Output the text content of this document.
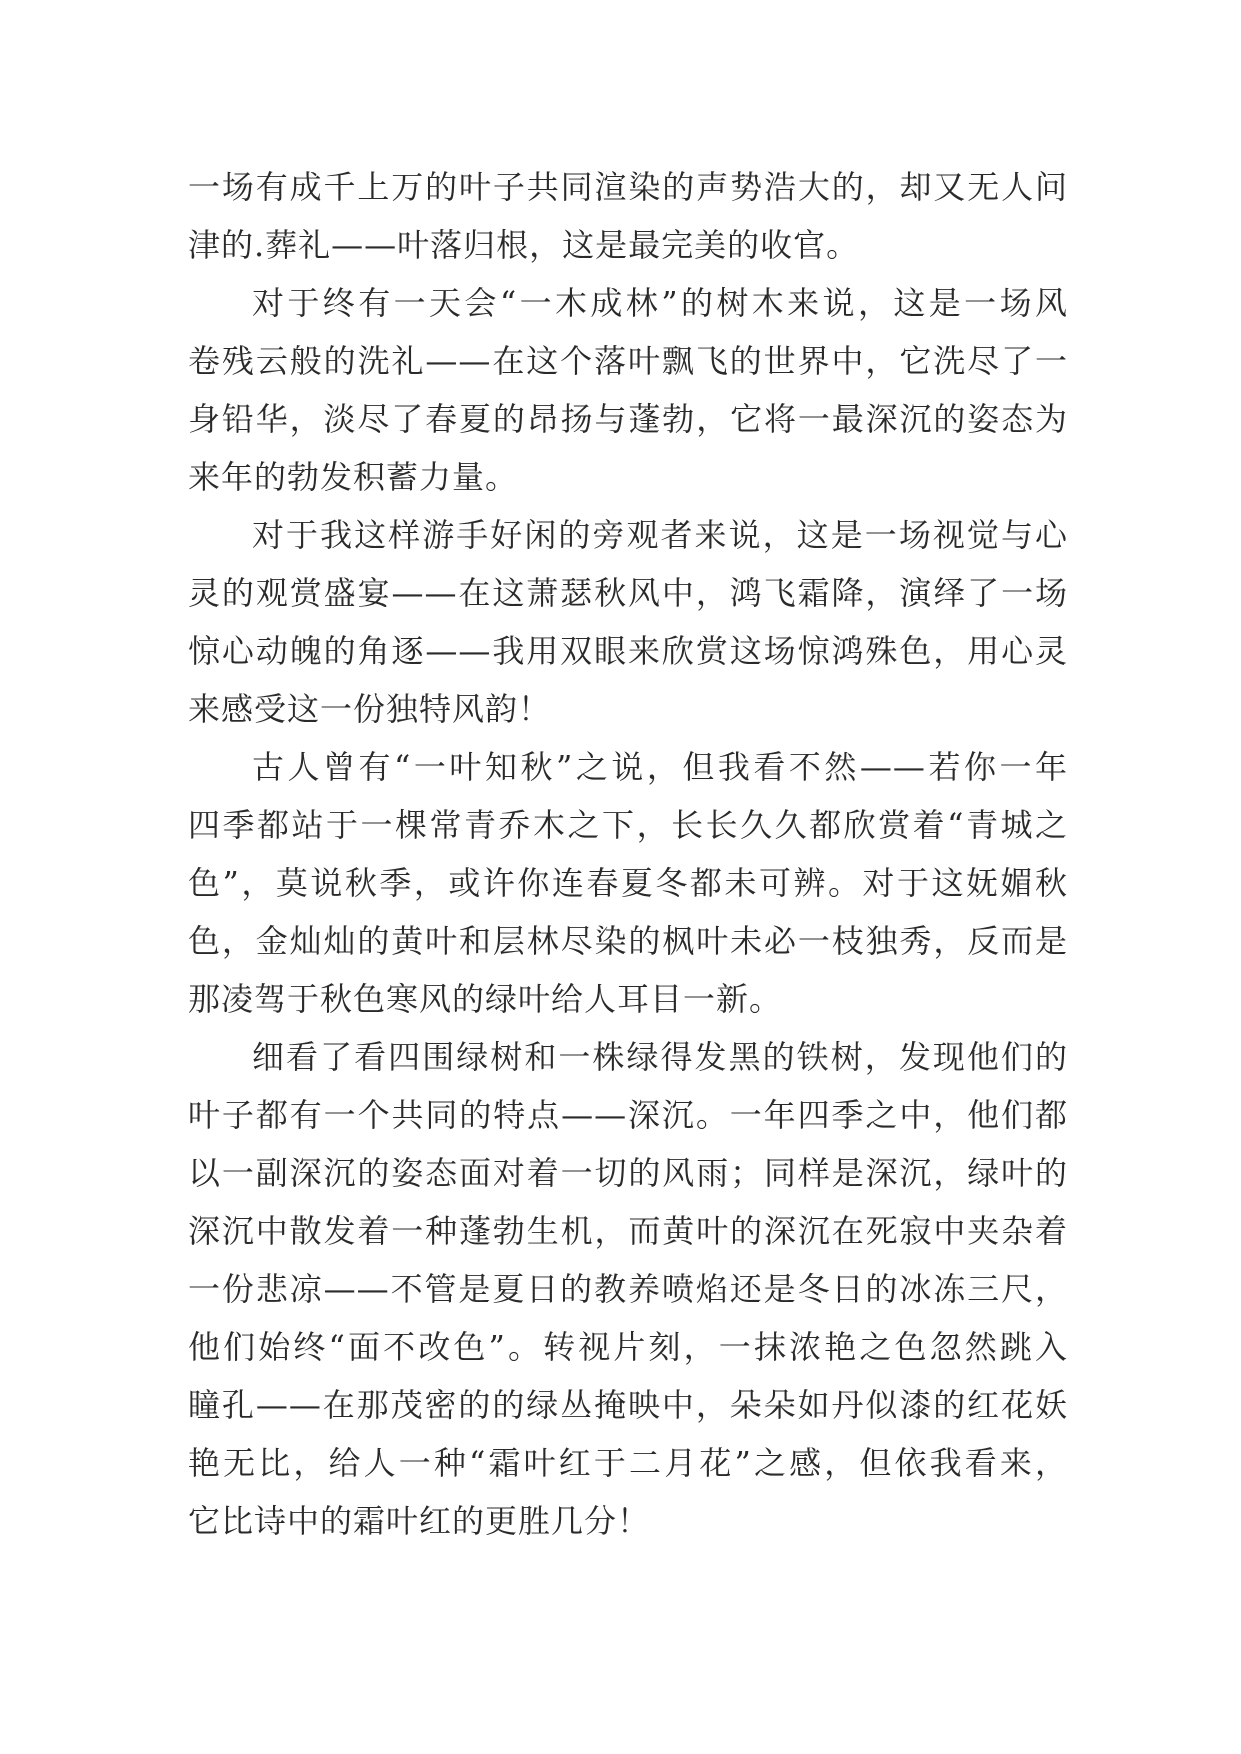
一场有成千上万的叶子共同渲染的声势浩大的，却又无人问
津的.葬礼——叶落归根，这是最完美的收官。
对于终有一天会“一木成林”的树木来说，这是一场风
卷残云般的洗礼——在这个落叶飘飞的世界中，它洗尽了一
身铅华，淡尽了春夏的昂扬与蓬勃，它将一最深沉的姿态为
来年的勃发积蓄力量。
对于我这样游手好闲的旁观者来说，这是一场视觉与心
灵的观赏盛宴——在这萧瑟秋风中，鸿飞霜降，演绎了一场
惊心动魄的角逐——我用双眼来欣赏这场惊鸿殊色，用心灵
来感受这一份独特风韵！
古人曾有“一叶知秋”之说，但我看不然——若你一年
四季都站于一棵常青乔木之下，长长久久都欣赏着“青城之
色”，莫说秋季，或许你连春夏冬都未可辨。对于这妩媚秋
色，金灿灿的黄叶和层林尽染的枫叶未必一枝独秀，反而是
那凌驾于秋色寒风的绿叶给人耳目一新。
细看了看四围绿树和一株绿得发黑的铁树，发现他们的
叶子都有一个共同的特点——深沉。一年四季之中，他们都
以一副深沉的姿态面对着一切的风雨；同样是深沉，绿叶的
深沉中散发着一种蓬勃生机，而黄叶的深沉在死寂中夹杂着
一份悲凉——不管是夏日的教养喷焰还是冬日的冰冻三尺，
他们始终“面不改色”。转视片刻，一抹浓艳之色忽然跳入
瞳孔——在那茂密的的绿丛掩映中，朵朵如丹似漆的红花妖
艳无比，给人一种“霜叶红于二月花”之感，但依我看来，
它比诗中的霜叶红的更胜几分！
